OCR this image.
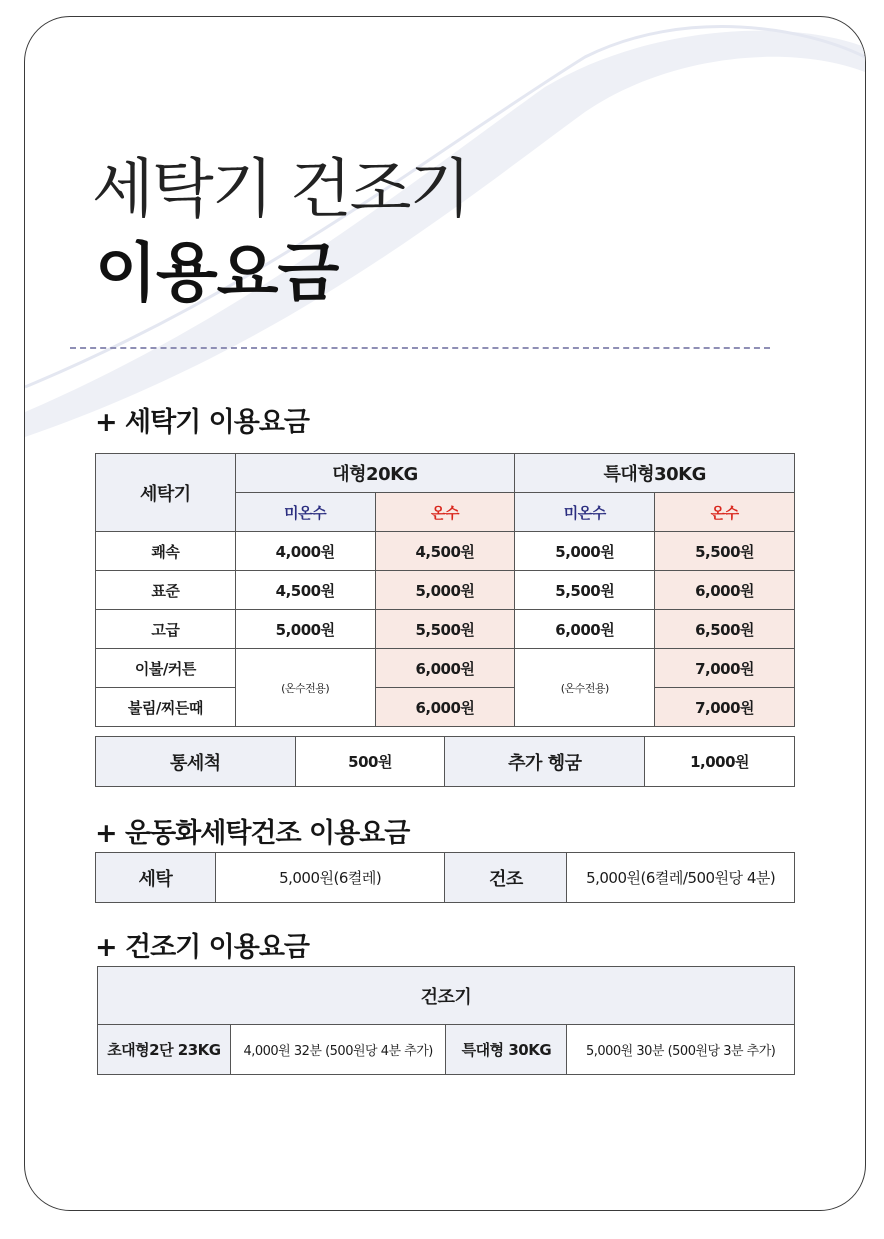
세탁기 건조기
이용요금
+ 세탁기 이용요금
세탁기	대형20KG		특대형30KG	
	미온수	온수	미온수	온수
쾌속	4,000원	4,500원	5,000원	5,500원
표준	4,500원	5,000원	5,500원	6,000원
고급	5,000원	5,500원	6,000원	6,500원
이불/커튼	(온수전용)	6,000원	(온수전용)	7,000원
불림/찌든때		6,000원		7,000원
통세척	500원	추가 헹굼	1,000원
+ 운동화세탁건조 이용요금
세탁	5,000원(6켤레)	건조	5,000원(6켤레/500원당 4분)
+ 건조기 이용요금
건조기
초대형2단 23KG	4,000원 32분 (500원당 4분 추가)	특대형 30KG	5,000원 30분 (500원당 3분 추가)
